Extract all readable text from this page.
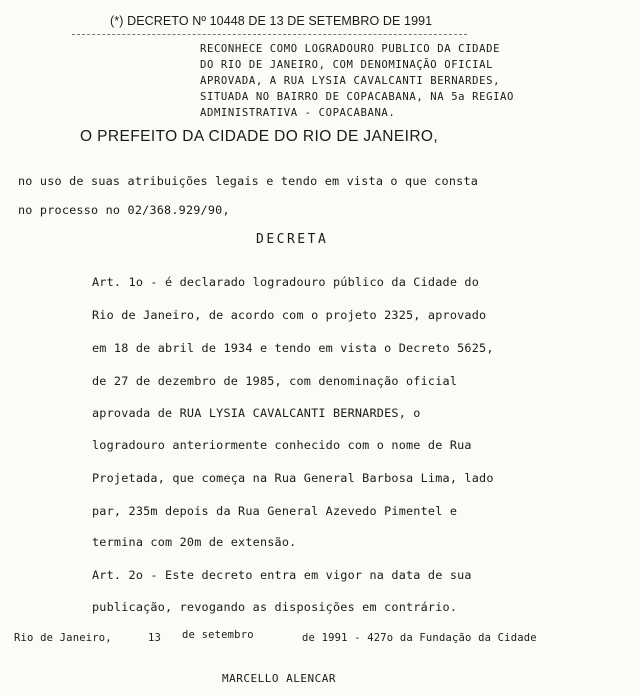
(*) DECRETO Nº 10448 DE 13 DE SETEMBRO DE 1991

RECONHECE COMO LOGRADOURO PUBLICO DA CIDADE

DO RIO DE JANEIRO, COM DENOMINAÇÃO OFICIAL

APROVADA, A RUA LYSIA CAVALCANTI BERNARDES,

SITUADA NO BAIRRO DE COPACABANA, NA 5a REGIAO

ADMINISTRATIVA - COPACABANA.

O PREFEITO DA CIDADE DO RIO DE JANEIRO,

no uso de suas atribuições legais e tendo em vista o que consta

no processo no 02/368.929/90,

DECRETA

Art. 1o - é declarado logradouro público da Cidade do

Rio de Janeiro, de acordo com o projeto 2325, aprovado

em 18 de abril de 1934 e tendo em vista o Decreto 5625,

de 27 de dezembro de 1985, com denominação oficial

aprovada de RUA LYSIA CAVALCANTI BERNARDES, o

logradouro anteriormente conhecido com o nome de Rua

Projetada, que começa na Rua General Barbosa Lima, lado

par, 235m depois da Rua General Azevedo Pimentel e

termina com 20m de extensão.

Art. 2o - Este decreto entra em vigor na data de sua

publicação, revogando as disposições em contrário.

Rio de Janeiro,	13 de setembro	de 1991 - 427o da Fundação da Cidade

MARCELLO ALENCAR
